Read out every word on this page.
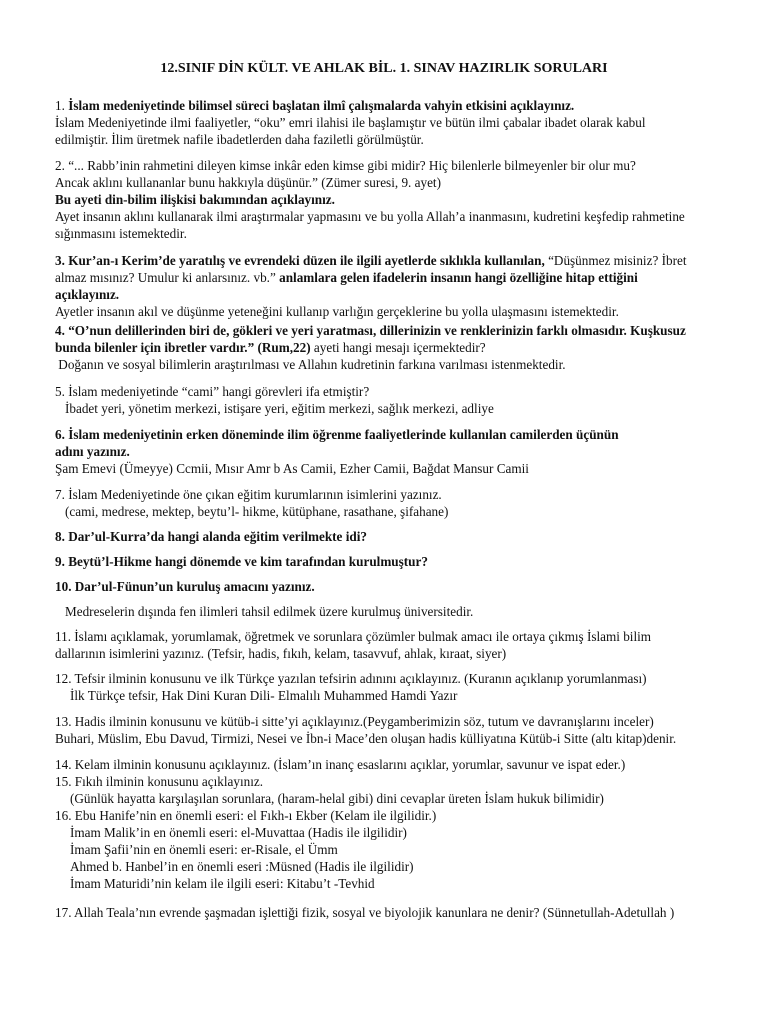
12.SINIF DİN KÜLT. VE AHLAK BİL. 1. SINAV HAZIRLIK SORULARI
1. İslam medeniyetinde bilimsel süreci başlatan ilmî çalışmalarda vahyin etkisini açıklayınız.
İslam Medeniyetinde ilmi faaliyetler, “oku” emri ilahisi ile başlamıştır ve bütün ilmi çabalar ibadet olarak kabul
edilmiştir. İlim üretmek nafile ibadetlerden daha faziletli görülmüştür.
2. “... Rabb’inin rahmetini dileyen kimse inkâr eden kimse gibi midir? Hiç bilenlerle bilmeyenler bir olur mu?
Ancak aklını kullananlar bunu hakkıyla düşünür.” (Zümer suresi, 9. ayet)
Bu ayeti din-bilim ilişkisi bakımından açıklayınız.
Ayet insanın aklını kullanarak ilmi araştırmalar yapmasını ve bu yolla Allah’a inanmasını, kudretini keşfedip rahmetine
sığınmasını istemektedir.
3. Kur’an-ı Kerim’de yaratılış ve evrendeki düzen ile ilgili ayetlerde sıklıkla kullanılan, “Düşünmez misiniz? İbret
almaz mısınız? Umulur ki anlarsınız. vb.” anlamlara gelen ifadelerin insanın hangi özelliğine hitap ettiğini
açıklayınız.
Ayetler insanın akıl ve düşünme yeteneğini kullanıp varlığın gerçeklerine bu yolla ulaşmasını istemektedir.
4. “O’nun delillerinden biri de, gökleri ve yeri yaratması, dillerinizin ve renklerinizin farklı olmasıdır. Kuşkusuz
bunda bilenler için ibretler vardır.” (Rum,22) ayeti hangi mesajı içermektedir?
Doğanın ve sosyal bilimlerin araştırılması ve Allahın kudretinin farkına varılması istenmektedir.
5. İslam medeniyetinde “cami” hangi görevleri ifa etmiştir?
İbadet yeri, yönetim merkezi, istişare yeri, eğitim merkezi, sağlık merkezi, adliye
6. İslam medeniyetinin erken döneminde ilim öğrenme faaliyetlerinde kullanılan camilerden üçünün
adını yazınız.
Şam Emevi (Ümeyye) Ccmii, Mısır Amr b As Camii, Ezher Camii, Bağdat Mansur Camii
7. İslam Medeniyetinde öne çıkan eğitim kurumlarının isimlerini yazınız.
(cami, medrese, mektep, beytu’l- hikme, kütüphane, rasathane, şifahane)
8. Dar’ul-Kurra’da hangi alanda eğitim verilmekte idi?
9. Beytü’l-Hikme hangi dönemde ve kim tarafından kurulmuştur?
10. Dar’ul-Fünun’un kuruluş amacını yazınız.
Medreselerin dışında fen ilimleri tahsil edilmek üzere kurulmuş üniversitedir.
11. İslamı açıklamak, yorumlamak, öğretmek ve sorunlara çözümler bulmak amacı ile ortaya çıkmış İslami bilim
dallarının isimlerini yazınız. (Tefsir, hadis, fıkıh, kelam, tasavvuf, ahlak, kıraat, siyer)
12. Tefsir ilminin konusunu ve ilk Türkçe yazılan tefsirin adınını açıklayınız. (Kuranın açıklanıp yorumlanması)
İlk Türkçe tefsir, Hak Dini Kuran Dili- Elmalılı Muhammed Hamdi Yazır
13. Hadis ilminin konusunu ve kütüb-i sitte’yi açıklayınız.(Peygamberimizin söz, tutum ve davranışlarını inceler)
Buhari, Müslim, Ebu Davud, Tirmizi, Nesei ve İbn-i Mace’den oluşan hadis külliyatına Kütüb-i Sitte (altı kitap)denir.
14. Kelam ilminin konusunu açıklayınız. (İslam’ın inanç esaslarını açıklar, yorumlar, savunur ve ispat eder.)
15. Fıkıh ilminin konusunu açıklayınız.
(Günlük hayatta karşılaşılan sorunlara, (haram-helal gibi) dini cevaplar üreten İslam hukuk bilimidir)
16. Ebu Hanife’nin en önemli eseri: el Fıkh-ı Ekber (Kelam ile ilgilidir.)
İmam Malik’in en önemli eseri: el-Muvattaa (Hadis ile ilgilidir)
İmam Şafii’nin en önemli eseri: er-Risale, el Ümm
Ahmed b. Hanbel’in en önemli eseri :Müsned (Hadis ile ilgilidir)
İmam Maturidi’nin kelam ile ilgili eseri: Kitabu’t -Tevhid
17. Allah Teala’nın evrende şaşmadan işlettiği fizik, sosyal ve biyolojik kanunlara ne denir? (Sünnetullah-Adetullah )
